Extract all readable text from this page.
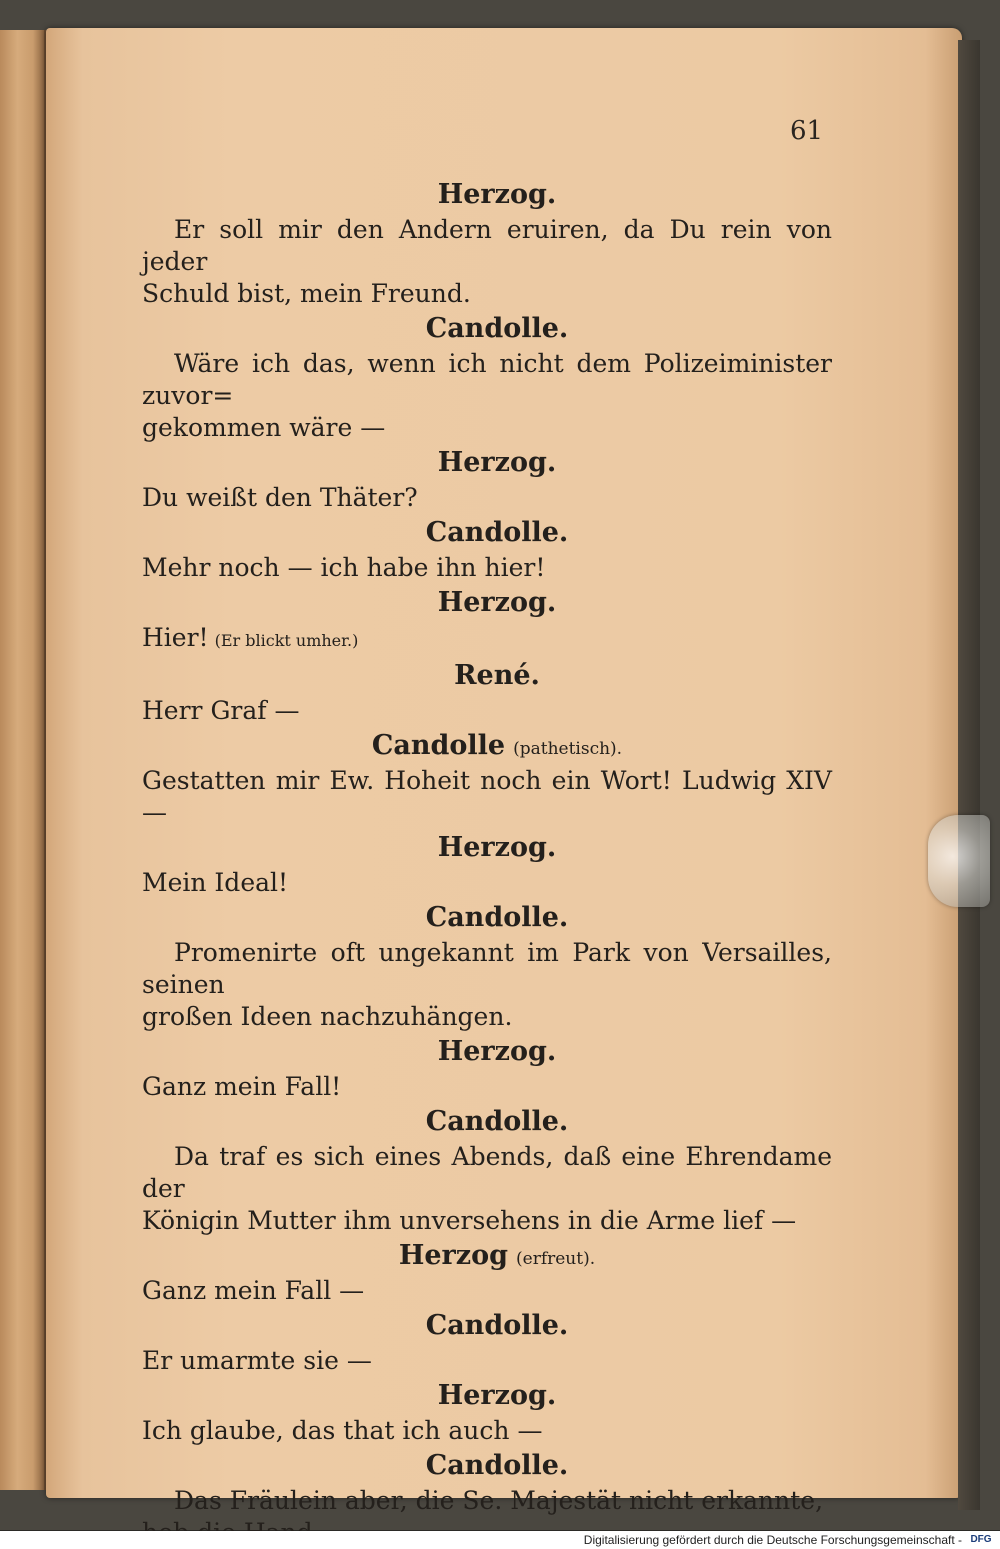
61
Herzog.
Er soll mir den Andern eruiren, da Du rein von jeder
Schuld bist, mein Freund.
Candolle.
Wäre ich das, wenn ich nicht dem Polizeiminister zuvor=
gekommen wäre —
Herzog.
Du weißt den Thäter?
Candolle.
Mehr noch — ich habe ihn hier!
Herzog.
Hier! (Er blickt umher.)
René.
Herr Graf —
Candolle (pathetisch).
Gestatten mir Ew. Hoheit noch ein Wort! Ludwig XIV —
Herzog.
Mein Ideal!
Candolle.
Promenirte oft ungekannt im Park von Versailles, seinen
großen Ideen nachzuhängen.
Herzog.
Ganz mein Fall!
Candolle.
Da traf es sich eines Abends, daß eine Ehrendame der
Königin Mutter ihm unversehens in die Arme lief —
Herzog (erfreut).
Ganz mein Fall —
Candolle.
Er umarmte sie —
Herzog.
Ich glaube, das that ich auch —
Candolle.
Das Fräulein aber, die Se. Majestät nicht erkannte,
Digitalisierung gefördert durch die Deutsche Forschungsgemeinschaft - DFG
